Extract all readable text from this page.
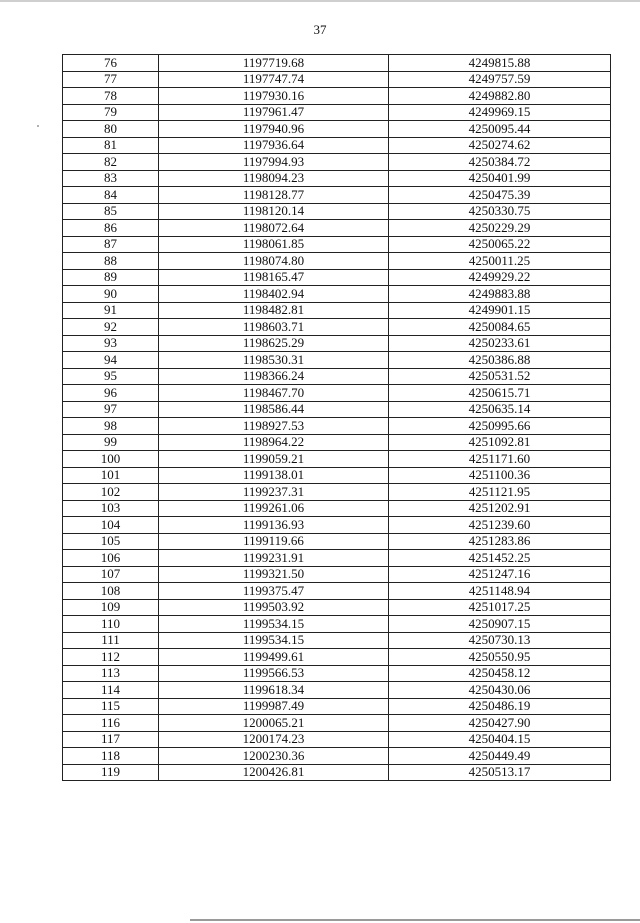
37
76	1197719.68	4249815.88
77	1197747.74	4249757.59
78	1197930.16	4249882.80
79	1197961.47	4249969.15
80	1197940.96	4250095.44
81	1197936.64	4250274.62
82	1197994.93	4250384.72
83	1198094.23	4250401.99
84	1198128.77	4250475.39
85	1198120.14	4250330.75
86	1198072.64	4250229.29
87	1198061.85	4250065.22
88	1198074.80	4250011.25
89	1198165.47	4249929.22
90	1198402.94	4249883.88
91	1198482.81	4249901.15
92	1198603.71	4250084.65
93	1198625.29	4250233.61
94	1198530.31	4250386.88
95	1198366.24	4250531.52
96	1198467.70	4250615.71
97	1198586.44	4250635.14
98	1198927.53	4250995.66
99	1198964.22	4251092.81
100	1199059.21	4251171.60
101	1199138.01	4251100.36
102	1199237.31	4251121.95
103	1199261.06	4251202.91
104	1199136.93	4251239.60
105	1199119.66	4251283.86
106	1199231.91	4251452.25
107	1199321.50	4251247.16
108	1199375.47	4251148.94
109	1199503.92	4251017.25
110	1199534.15	4250907.15
111	1199534.15	4250730.13
112	1199499.61	4250550.95
113	1199566.53	4250458.12
114	1199618.34	4250430.06
115	1199987.49	4250486.19
116	1200065.21	4250427.90
117	1200174.23	4250404.15
118	1200230.36	4250449.49
119	1200426.81	4250513.17
